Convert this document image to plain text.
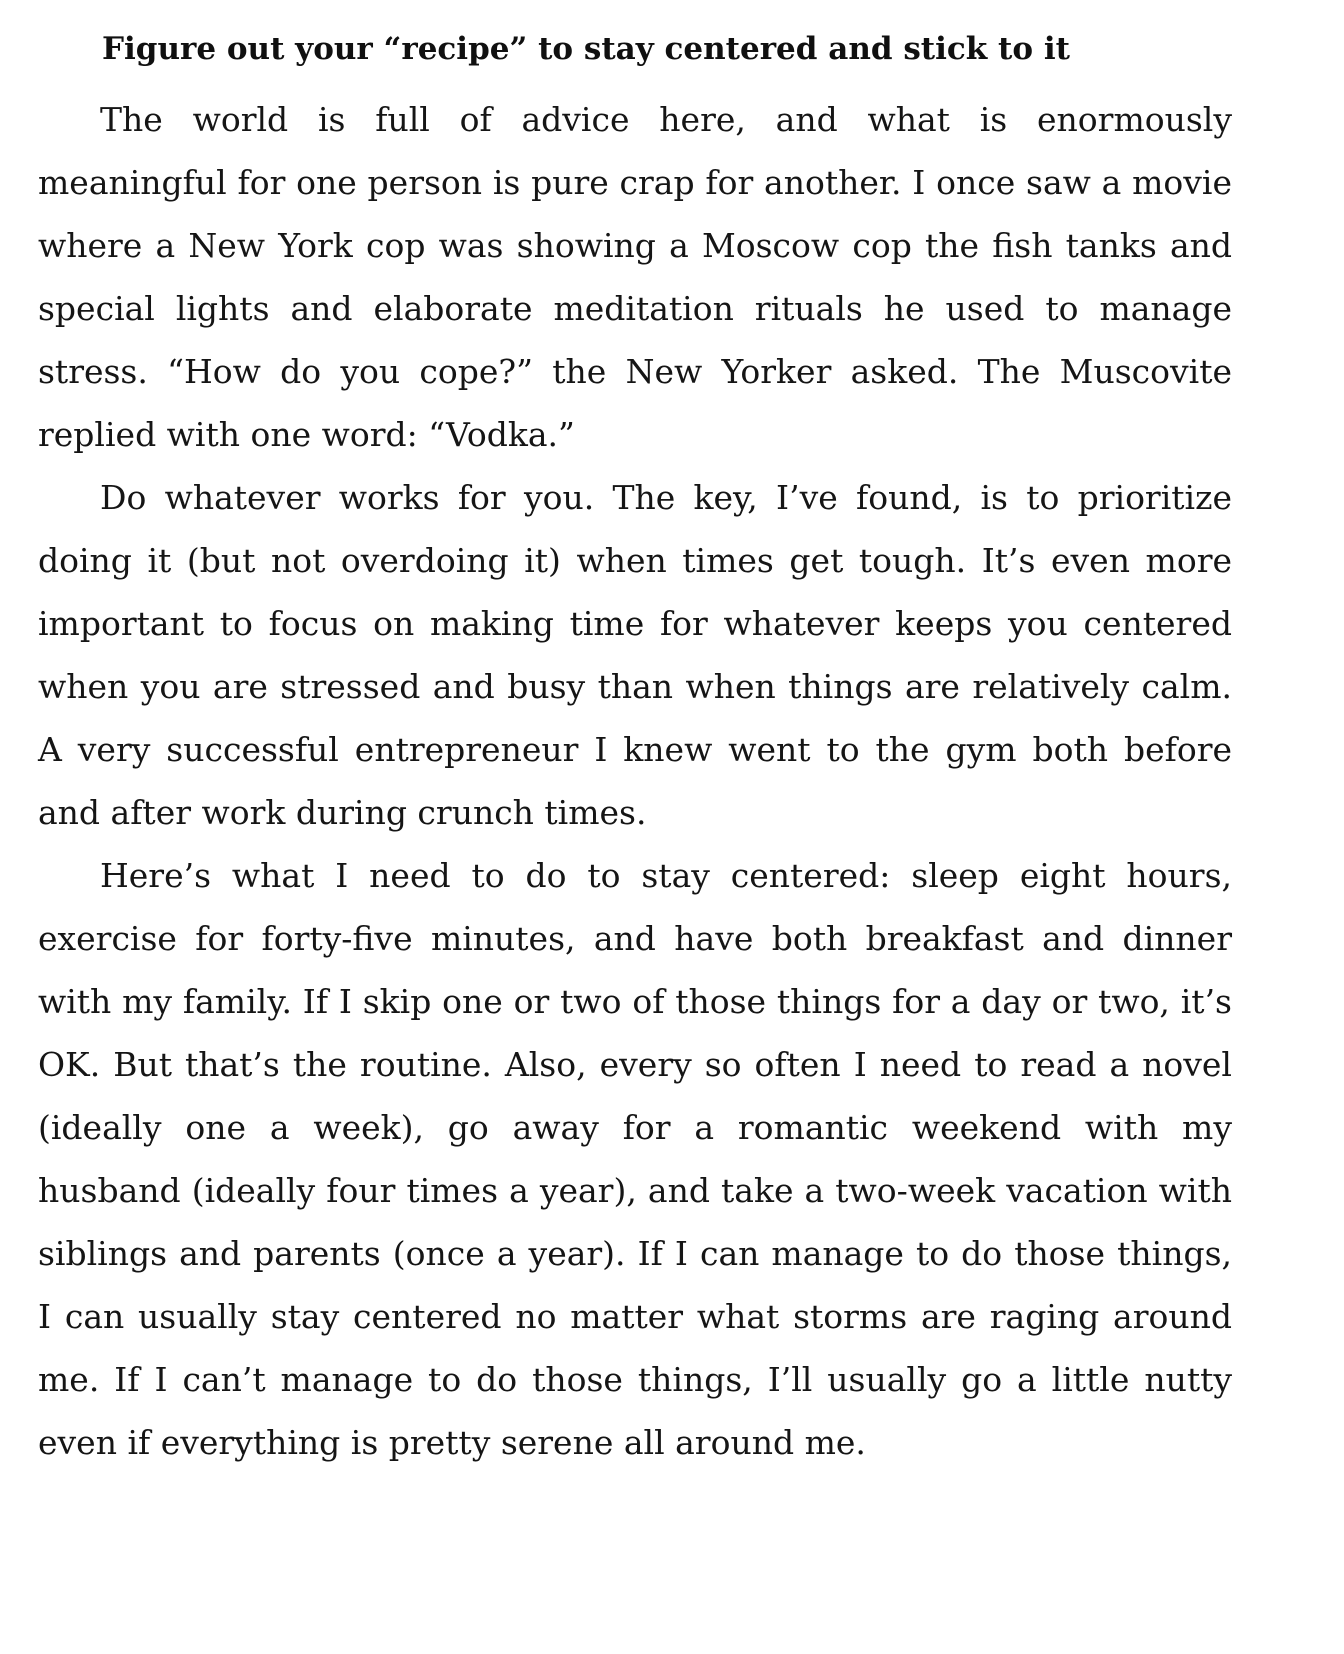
Figure out your “recipe” to stay centered and stick to it

The world is full of advice here, and what is enormously meaningful for one person is pure crap for another. I once saw a movie where a New York cop was showing a Moscow cop the fish tanks and special lights and elaborate meditation rituals he used to manage stress. “How do you cope?” the New Yorker asked. The Muscovite replied with one word: “Vodka.”

Do whatever works for you. The key, I’ve found, is to prioritize doing it (but not overdoing it) when times get tough. It’s even more important to focus on making time for whatever keeps you centered when you are stressed and busy than when things are relatively calm. A very successful entrepreneur I knew went to the gym both before and after work during crunch times.

Here’s what I need to do to stay centered: sleep eight hours, exercise for forty-five minutes, and have both breakfast and dinner with my family. If I skip one or two of those things for a day or two, it’s OK. But that’s the routine. Also, every so often I need to read a novel (ideally one a week), go away for a romantic weekend with my husband (ideally four times a year), and take a two-week vacation with siblings and parents (once a year). If I can manage to do those things, I can usually stay centered no matter what storms are raging around me. If I can’t manage to do those things, I’ll usually go a little nutty even if everything is pretty serene all around me.
